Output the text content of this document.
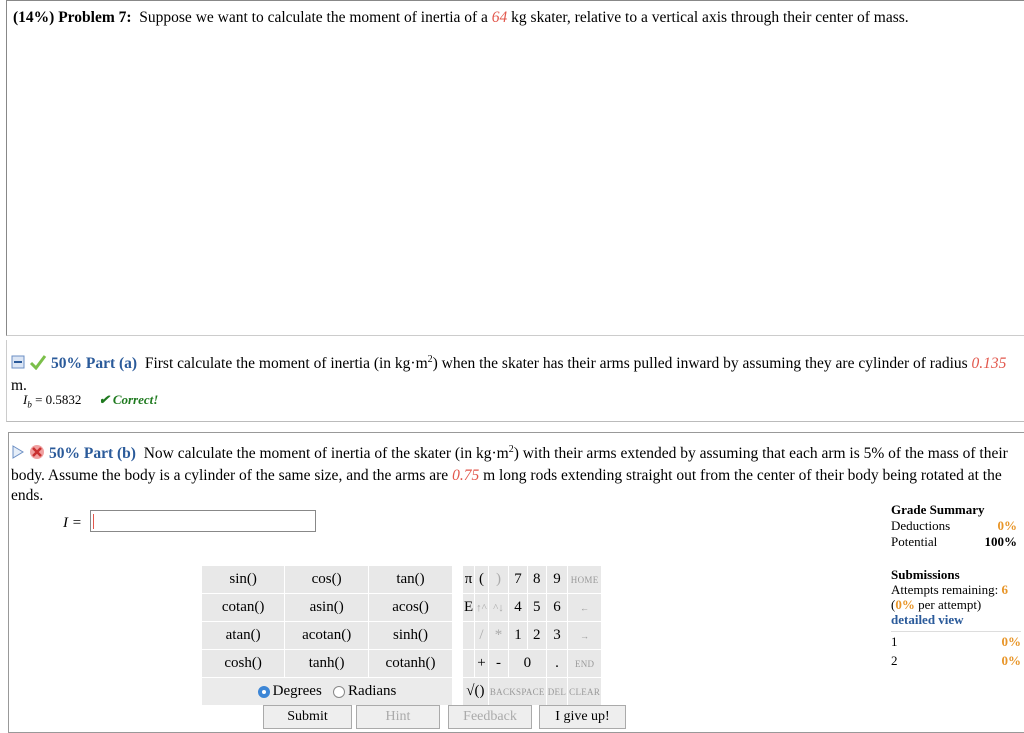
(14%) Problem 7: Suppose we want to calculate the moment of inertia of a 64 kg skater, relative to a vertical axis through their center of mass.
50% Part (a) First calculate the moment of inertia (in $kg\cdot m^2$) when the skater has their arms pulled inward by assuming they are cylinder of radius 0.135 m.
$I_b = 0.5832$ ✔ Correct!
50% Part (b) Now calculate the moment of inertia of the skater (in $kg\cdot m^2$) with their arms extended by assuming that each arm is 5% of the mass of their body. Assume the body is a cylinder of the same size, and the arms are 0.75 m long rods extending straight out from the center of their body being rotated at the ends.
I =
sin()	cos()	tan()
cotan()	asin()	acos()
atan()	acotan()	sinh()
cosh()	tanh()	cotanh()
Degrees Radians		
π	(	)	7	8	9	HOME
E	↑^	^↓	4	5	6	←
	/	*	1	2	3	→
	+	-	0		.	END
√()		BACKSPACE			DEL	CLEAR
Submit	Hint	Feedback	I give up!
Grade Summary
Deductions	0%
Potential	100%
Submissions
Attempts remaining: 6
(0% per attempt)
detailed view
1	0%
2	0%
